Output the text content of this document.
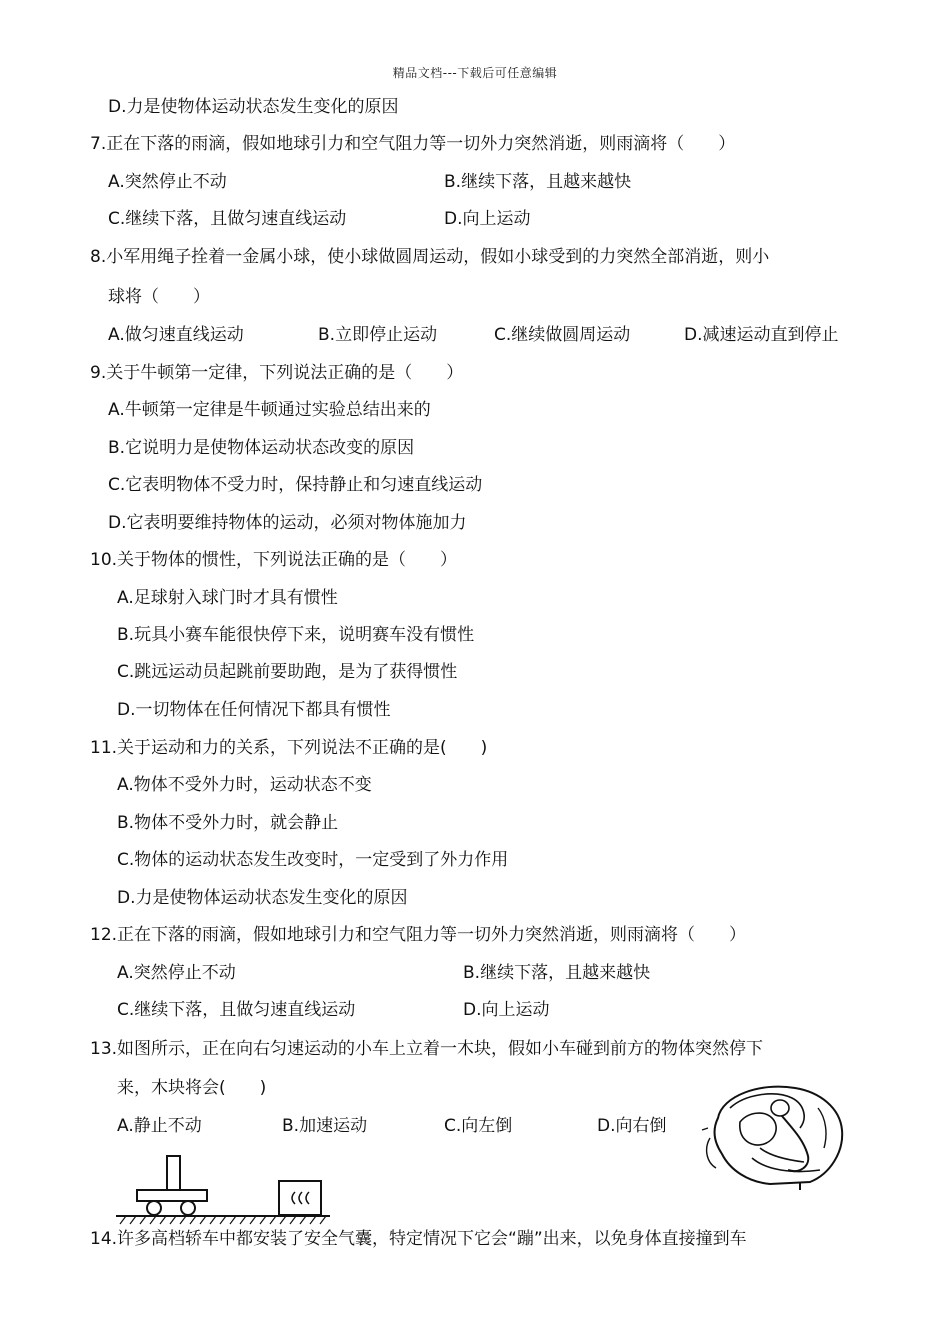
精品文档---下载后可任意编辑
D.力是使物体运动状态发生变化的原因
7.正在下落的雨滴，假如地球引力和空气阻力等一切外力突然消逝，则雨滴将（　　）
A.突然停止不动	B.继续下落，且越来越快
C.继续下落，且做匀速直线运动	D.向上运动
8.小军用绳子拴着一金属小球，使小球做圆周运动，假如小球受到的力突然全部消逝，则小
球将（　　）
A.做匀速直线运动	B.立即停止运动	C.继续做圆周运动	D.减速运动直到停止
9.关于牛顿第一定律，下列说法正确的是（　　）
A.牛顿第一定律是牛顿通过实验总结出来的
B.它说明力是使物体运动状态改变的原因
C.它表明物体不受力时，保持静止和匀速直线运动
D.它表明要维持物体的运动，必须对物体施加力
10.关于物体的惯性，下列说法正确的是（　　）
A.足球射入球门时才具有惯性
B.玩具小赛车能很快停下来，说明赛车没有惯性
C.跳远运动员起跳前要助跑，是为了获得惯性
D.一切物体在任何情况下都具有惯性
11.关于运动和力的关系，下列说法不正确的是(　　)
A.物体不受外力时，运动状态不变
B.物体不受外力时，就会静止
C.物体的运动状态发生改变时，一定受到了外力作用
D.力是使物体运动状态发生变化的原因
12.正在下落的雨滴，假如地球引力和空气阻力等一切外力突然消逝，则雨滴将（　　）
A.突然停止不动	B.继续下落，且越来越快
C.继续下落，且做匀速直线运动	D.向上运动
13.如图所示，正在向右匀速运动的小车上立着一木块，假如小车碰到前方的物体突然停下
来，木块将会(　　)
A.静止不动	B.加速运动	C.向左倒	D.向右倒
14.许多高档轿车中都安装了安全气囊，特定情况下它会“蹦”出来，以免身体直接撞到车
